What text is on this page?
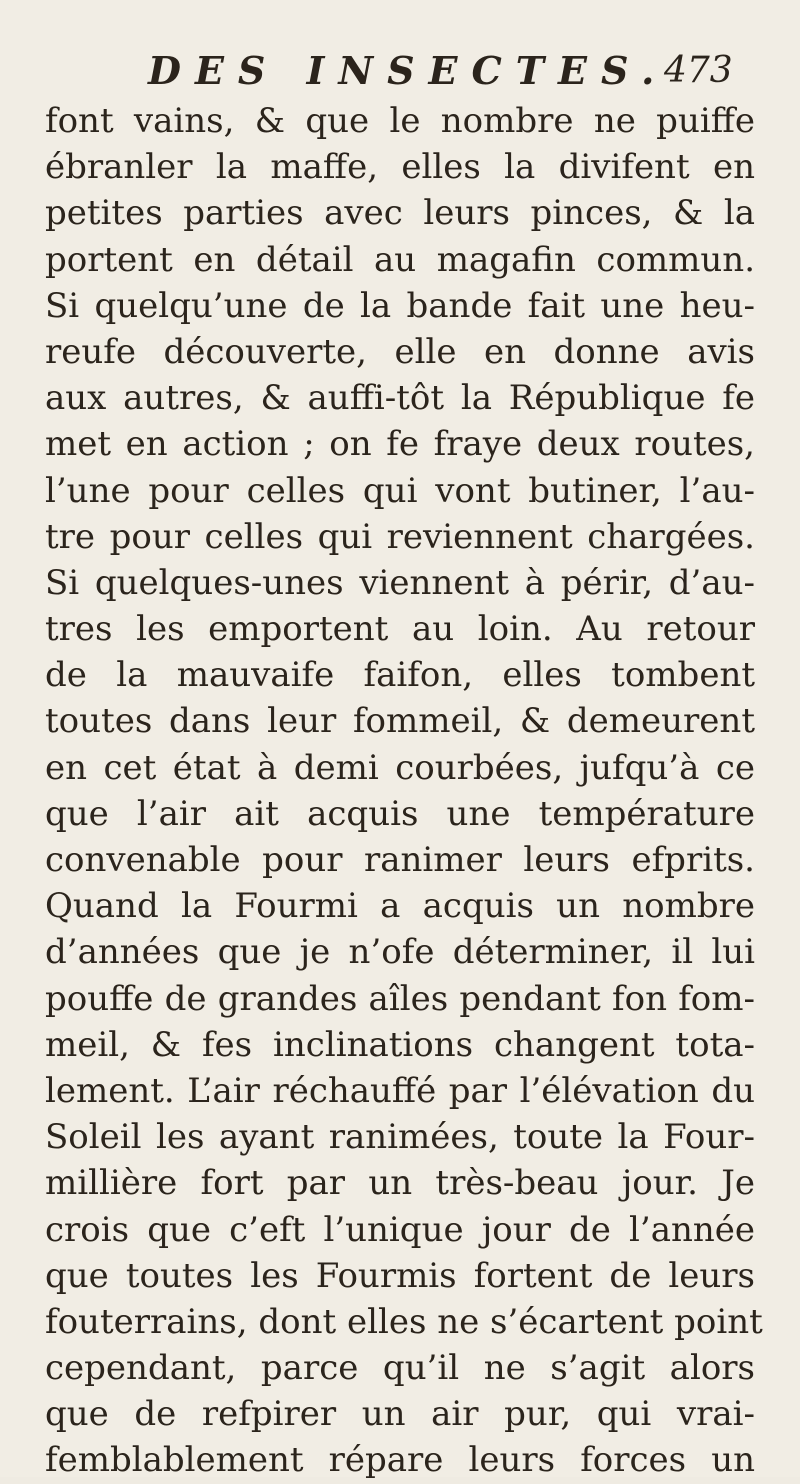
DES INSECTES.
473
font vains, & que le nombre ne puiffe
ébranler la maffe, elles la divifent en
petites parties avec leurs pinces, & la
portent en détail au magafin commun.
Si quelqu’une de la bande fait une heu-
reufe découverte, elle en donne avis
aux autres, & auffi-tôt la République fe
met en action ; on fe fraye deux routes,
l’une pour celles qui vont butiner, l’au-
tre pour celles qui reviennent chargées.
Si quelques-unes viennent à périr, d’au-
tres les emportent au loin. Au retour
de la mauvaife faifon, elles tombent
toutes dans leur fommeil, & demeurent
en cet état à demi courbées, jufqu’à ce
que l’air ait acquis une température
convenable pour ranimer leurs efprits.
Quand la Fourmi a acquis un nombre
d’années que je n’ofe déterminer, il lui
pouffe de grandes aîles pendant fon fom-
meil, & fes inclinations changent tota-
lement. L’air réchauffé par l’élévation du
Soleil les ayant ranimées, toute la Four-
millière fort par un très-beau jour. Je
crois que c’eft l’unique jour de l’année
que toutes les Fourmis fortent de leurs
fouterrains, dont elles ne s’écartent point
cependant, parce qu’il ne s’agit alors
que de refpirer un air pur, qui vrai-
femblablement répare leurs forces un
